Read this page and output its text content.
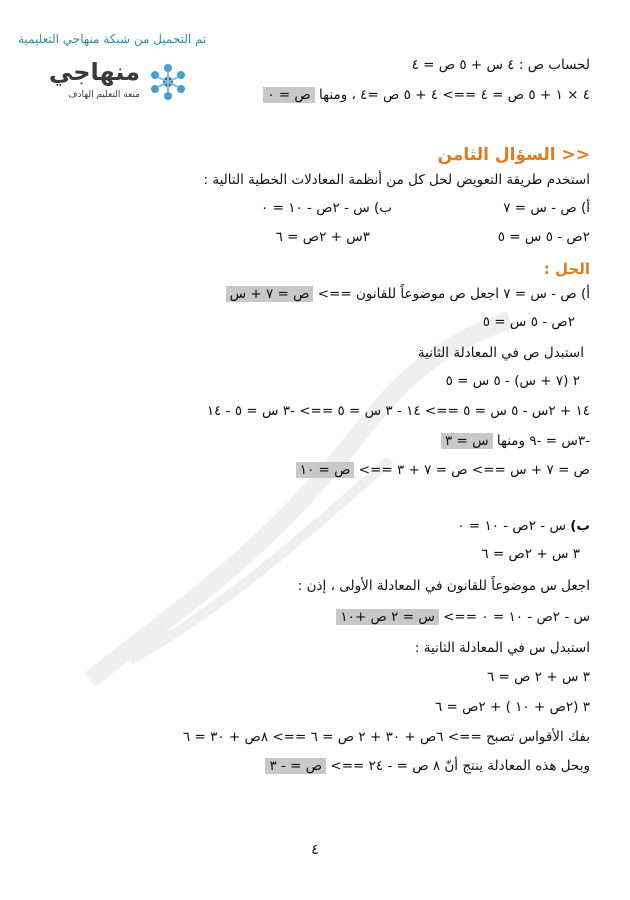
تم التحميل من شبكة منهاجي التعليمية
منهاجي
متعة التعليم الهادف
لحساب ص : ٤ س + ٥ ص = ٤
٤ × ١ + ٥ ص = ٤ ==> ٤ + ٥ ص =٤ ، ومنها ص = ٠
<< السؤال الثامن
استخدم طريقة التعويض لحل كل من أنظمة المعادلات الخطية التالية :
أ) ص - س = ٧
٢ص - ٥ س = ٥
ب) س - ٢ص - ١٠ = ٠
٣س + ٢ص = ٦
الحل :
أ) ص - س = ٧ اجعل ص موضوعاً للقانون ==> ص = ٧ + س
٢ص - ٥ س = ٥
استبدل ص في المعادلة الثانية
٢ (٧ + س) - ٥ س = ٥
١٤ + ٢س - ٥ س = ٥ ==> ١٤ - ٣ س = ٥ ==> -٣ س = ٥ - ١٤
-٣س = -٩ ومنها س = ٣
ص = ٧ + س ==> ص = ٧ + ٣ ==> ص = ١٠
ب) س - ٢ص - ١٠ = ٠
٣ س + ٢ص = ٦
اجعل س موضوعاً للقانون في المعادلة الأولى ، إذن :
س - ٢ص - ١٠ = ٠ ==> س = ٢ ص +١٠
استبدل س في المعادلة الثانية :
٣ س + ٢ ص = ٦
٣ (٢ص + ١٠ ) + ٢ص = ٦
بفك الأقواس تصبح ==> ٦ص + ٣٠ + ٢ ص = ٦ ==> ٨ص + ٣٠ = ٦
وبحل هذه المعادلة ينتج أنّ ٨ ص = - ٢٤ ==> ص = - ٣
٤
